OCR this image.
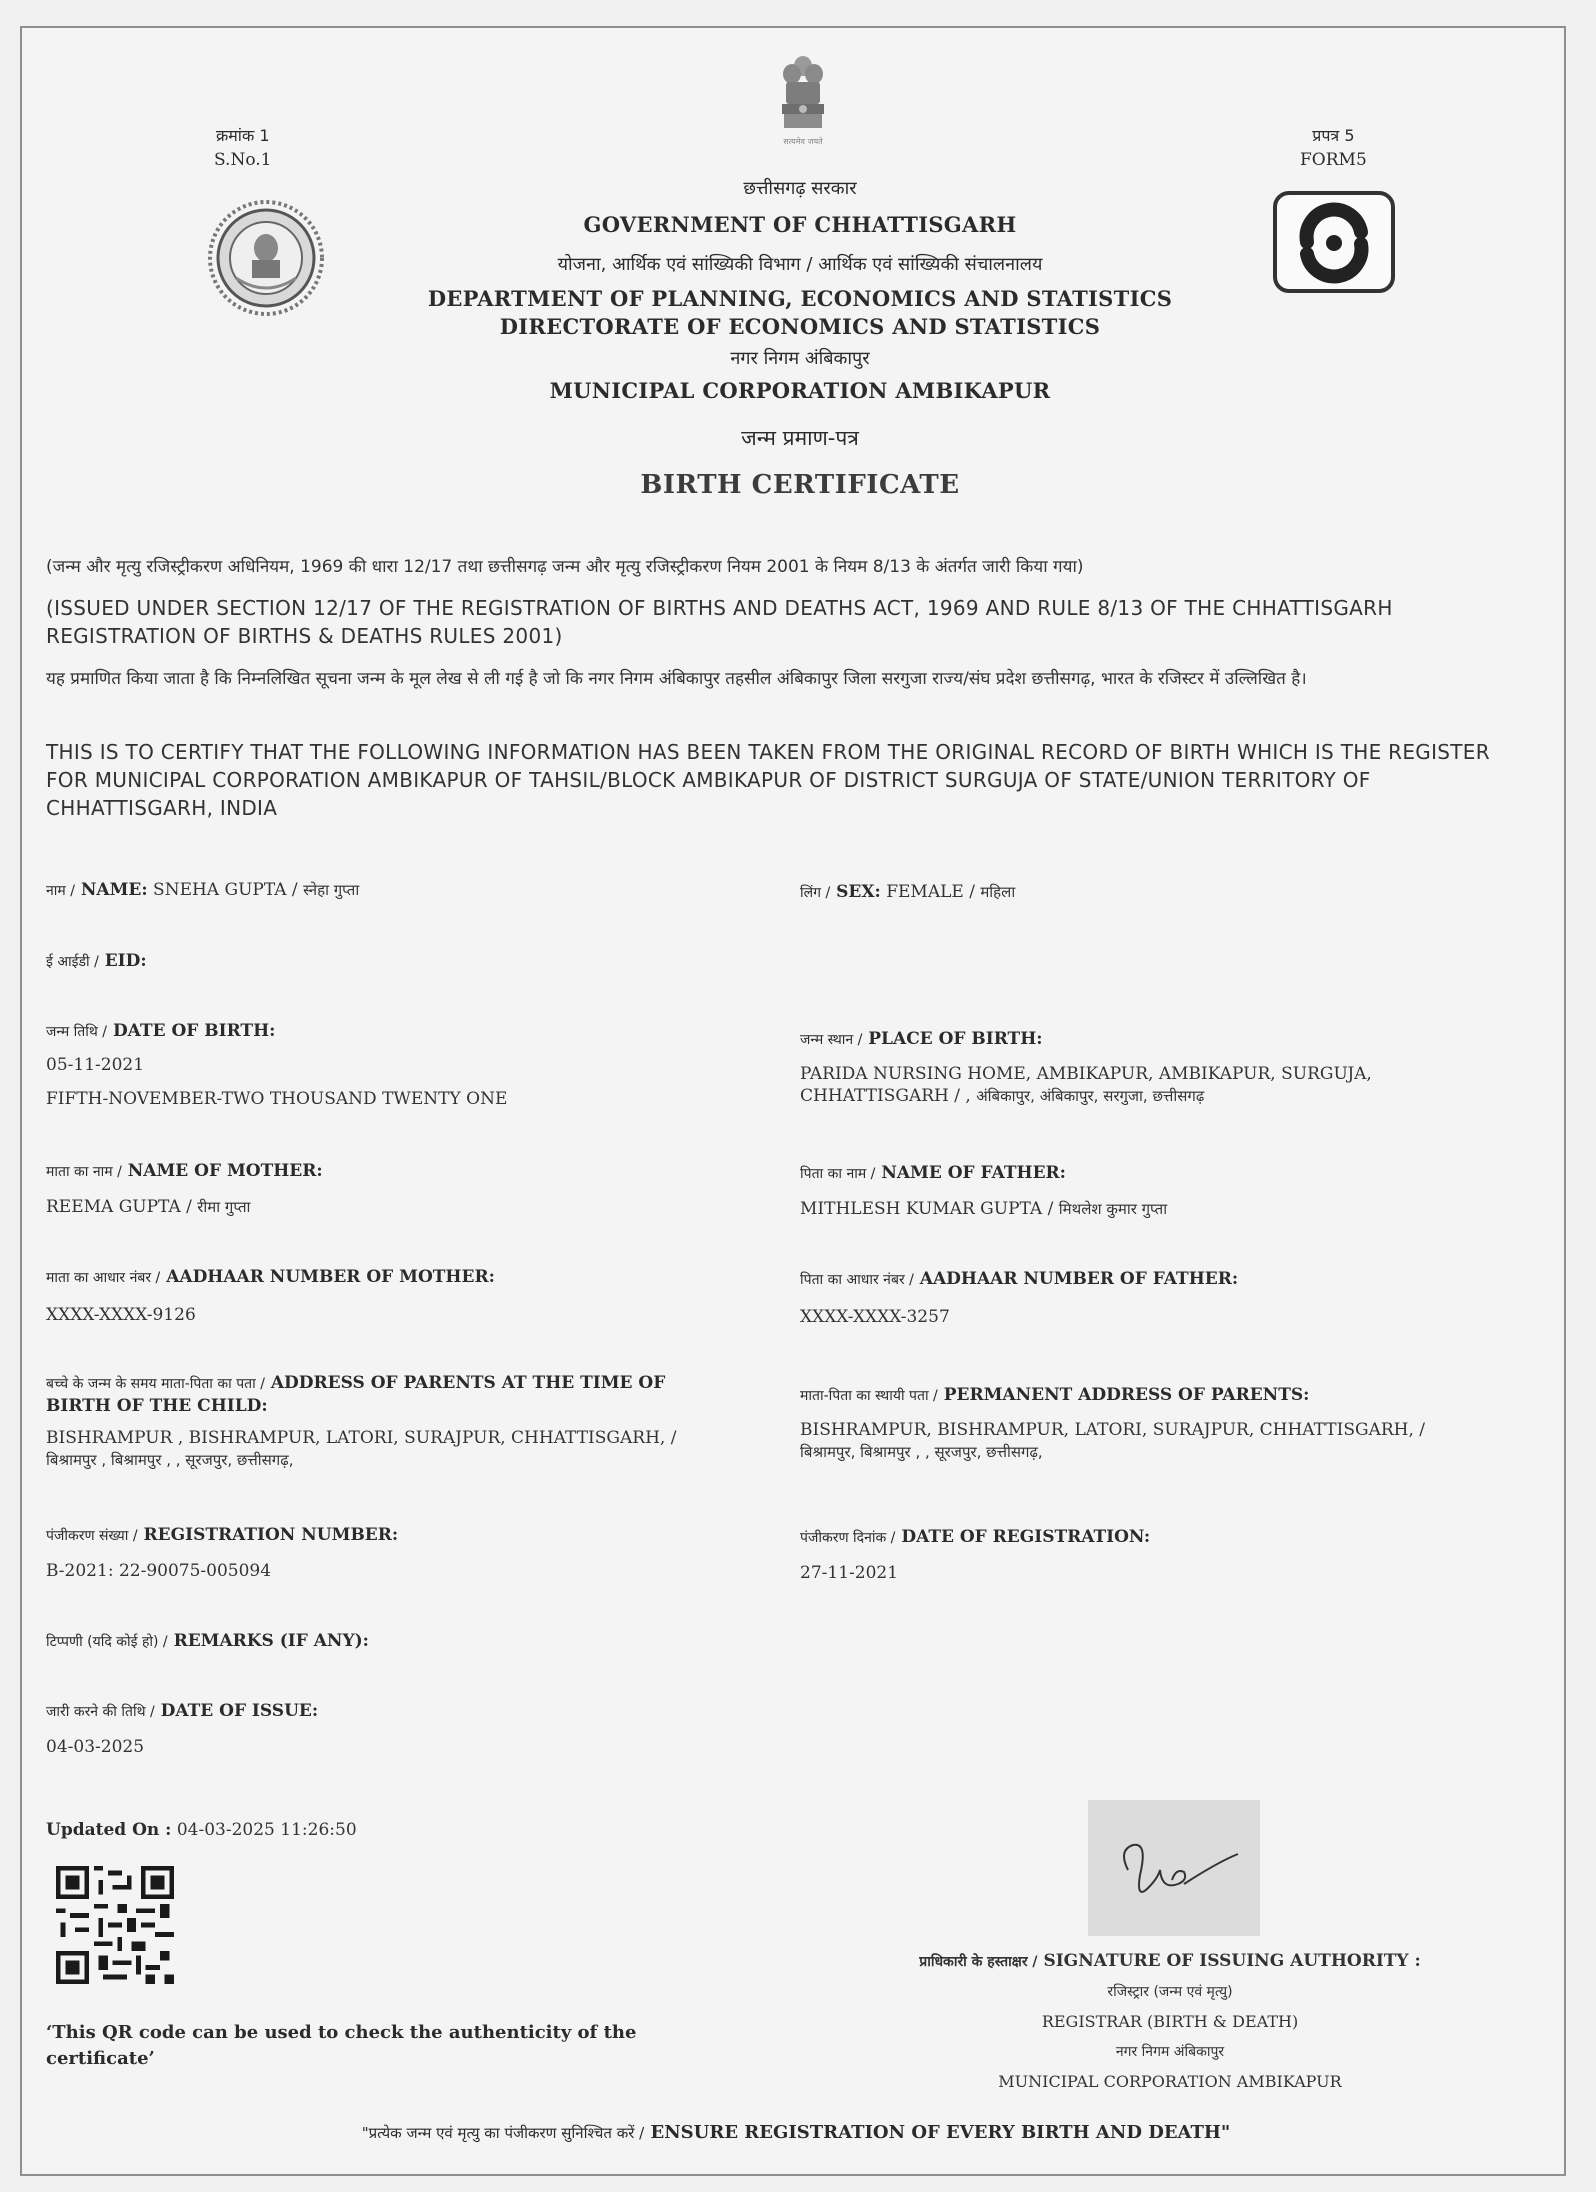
क्रमांक 1
S.No.1
प्रपत्र 5
FORM5
सत्यमेव जयते
छत्तीसगढ़ सरकार
GOVERNMENT OF CHHATTISGARH
योजना, आर्थिक एवं सांख्यिकी विभाग / आर्थिक एवं सांख्यिकी संचालनालय
DEPARTMENT OF PLANNING, ECONOMICS AND STATISTICS
DIRECTORATE OF ECONOMICS AND STATISTICS
नगर निगम अंबिकापुर
MUNICIPAL CORPORATION AMBIKAPUR
जन्म प्रमाण-पत्र
BIRTH CERTIFICATE
(जन्म और मृत्यु रजिस्ट्रीकरण अधिनियम, 1969 की धारा 12/17 तथा छत्तीसगढ़ जन्म और मृत्यु रजिस्ट्रीकरण नियम 2001 के नियम 8/13 के अंतर्गत जारी किया गया)
(ISSUED UNDER SECTION 12/17 OF THE REGISTRATION OF BIRTHS AND DEATHS ACT, 1969 AND RULE 8/13 OF THE CHHATTISGARH REGISTRATION OF BIRTHS & DEATHS RULES 2001)
यह प्रमाणित किया जाता है कि निम्नलिखित सूचना जन्म के मूल लेख से ली गई है जो कि नगर निगम अंबिकापुर तहसील अंबिकापुर जिला सरगुजा राज्य/संघ प्रदेश छत्तीसगढ़, भारत के रजिस्टर में उल्लिखित है।
THIS IS TO CERTIFY THAT THE FOLLOWING INFORMATION HAS BEEN TAKEN FROM THE ORIGINAL RECORD OF BIRTH WHICH IS THE REGISTER FOR MUNICIPAL CORPORATION AMBIKAPUR OF TAHSIL/BLOCK AMBIKAPUR OF DISTRICT SURGUJA OF STATE/UNION TERRITORY OF CHHATTISGARH, INDIA
नाम / NAME: SNEHA GUPTA / स्नेहा गुप्ता	लिंग / SEX: FEMALE / महिला
ई आईडी / EID:
जन्म तिथि / DATE OF BIRTH:
05-11-2021
FIFTH-NOVEMBER-TWO THOUSAND TWENTY ONE
जन्म स्थान / PLACE OF BIRTH:
PARIDA NURSING HOME, AMBIKAPUR, AMBIKAPUR, SURGUJA,
CHHATTISGARH / , अंबिकापुर, अंबिकापुर, सरगुजा, छत्तीसगढ़
माता का नाम / NAME OF MOTHER:
REEMA GUPTA / रीमा गुप्ता
पिता का नाम / NAME OF FATHER:
MITHLESH KUMAR GUPTA / मिथलेश कुमार गुप्ता
माता का आधार नंबर / AADHAAR NUMBER OF MOTHER:
XXXX-XXXX-9126
पिता का आधार नंबर / AADHAAR NUMBER OF FATHER:
XXXX-XXXX-3257
बच्चे के जन्म के समय माता-पिता का पता / ADDRESS OF PARENTS AT THE TIME OF
BIRTH OF THE CHILD:
BISHRAMPUR , BISHRAMPUR, LATORI, SURAJPUR, CHHATTISGARH, /
बिश्रामपुर , बिश्रामपुर , , सूरजपुर, छत्तीसगढ़,
माता-पिता का स्थायी पता / PERMANENT ADDRESS OF PARENTS:
BISHRAMPUR, BISHRAMPUR, LATORI, SURAJPUR, CHHATTISGARH, /
बिश्रामपुर, बिश्रामपुर , , सूरजपुर, छत्तीसगढ़,
पंजीकरण संख्या / REGISTRATION NUMBER:
B-2021: 22-90075-005094
पंजीकरण दिनांक / DATE OF REGISTRATION:
27-11-2021
टिप्पणी (यदि कोई हो) / REMARKS (IF ANY):
जारी करने की तिथि / DATE OF ISSUE:
04-03-2025
Updated On : 04-03-2025 11:26:50
‘This QR code can be used to check the authenticity of the certificate’
प्राधिकारी के हस्ताक्षर / SIGNATURE OF ISSUING AUTHORITY :
रजिस्ट्रार (जन्म एवं मृत्यु)
REGISTRAR (BIRTH & DEATH)
नगर निगम अंबिकापुर
MUNICIPAL CORPORATION AMBIKAPUR
"प्रत्येक जन्म एवं मृत्यु का पंजीकरण सुनिश्चित करें / ENSURE REGISTRATION OF EVERY BIRTH AND DEATH"
